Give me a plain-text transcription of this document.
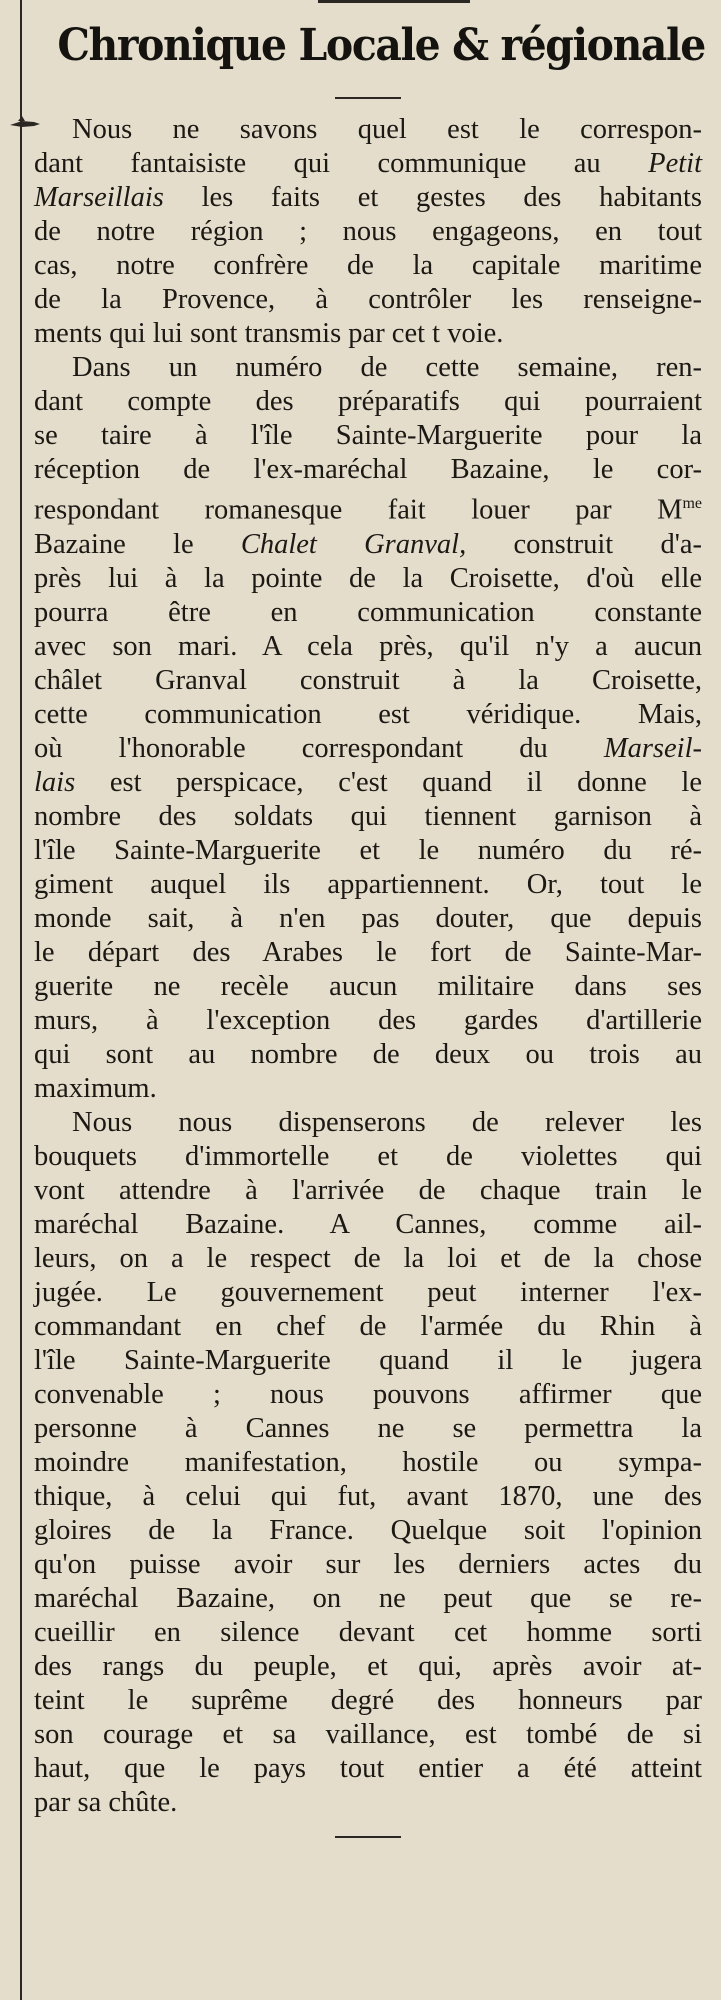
Chronique Locale & régionale
Nous ne savons quel est le correspon-
dant fantaisiste qui communique au Petit
Marseillais les faits et gestes des habitants
de notre région ; nous engageons, en tout
cas, notre confrère de la capitale maritime
de la Provence, à contrôler les renseigne-
ments qui lui sont transmis par cet t voie.
Dans un numéro de cette semaine, ren-
dant compte des préparatifs qui pourraient
se taire à l'île Sainte-Marguerite pour la
réception de l'ex-maréchal Bazaine, le cor-
respondant romanesque fait louer par $M^{me}$
Bazaine le Chalet Granval, construit d'a-
près lui à la pointe de la Croisette, d'où elle
pourra être en communication constante
avec son mari. A cela près, qu'il n'y a aucun
châlet Granval construit à la Croisette,
cette communication est véridique. Mais,
où l'honorable correspondant du Marseil-
lais est perspicace, c'est quand il donne le
nombre des soldats qui tiennent garnison à
l'île Sainte-Marguerite et le numéro du ré-
giment auquel ils appartiennent. Or, tout le
monde sait, à n'en pas douter, que depuis
le départ des Arabes le fort de Sainte-Mar-
guerite ne recèle aucun militaire dans ses
murs, à l'exception des gardes d'artillerie
qui sont au nombre de deux ou trois au
maximum.
Nous nous dispenserons de relever les
bouquets d'immortelle et de violettes qui
vont attendre à l'arrivée de chaque train le
maréchal Bazaine. A Cannes, comme ail-
leurs, on a le respect de la loi et de la chose
jugée. Le gouvernement peut interner l'ex-
commandant en chef de l'armée du Rhin à
l'île Sainte-Marguerite quand il le jugera
convenable ; nous pouvons affirmer que
personne à Cannes ne se permettra la
moindre manifestation, hostile ou sympa-
thique, à celui qui fut, avant 1870, une des
gloires de la France. Quelque soit l'opinion
qu'on puisse avoir sur les derniers actes du
maréchal Bazaine, on ne peut que se re-
cueillir en silence devant cet homme sorti
des rangs du peuple, et qui, après avoir at-
teint le suprême degré des honneurs par
son courage et sa vaillance, est tombé de si
haut, que le pays tout entier a été atteint
par sa chûte.
